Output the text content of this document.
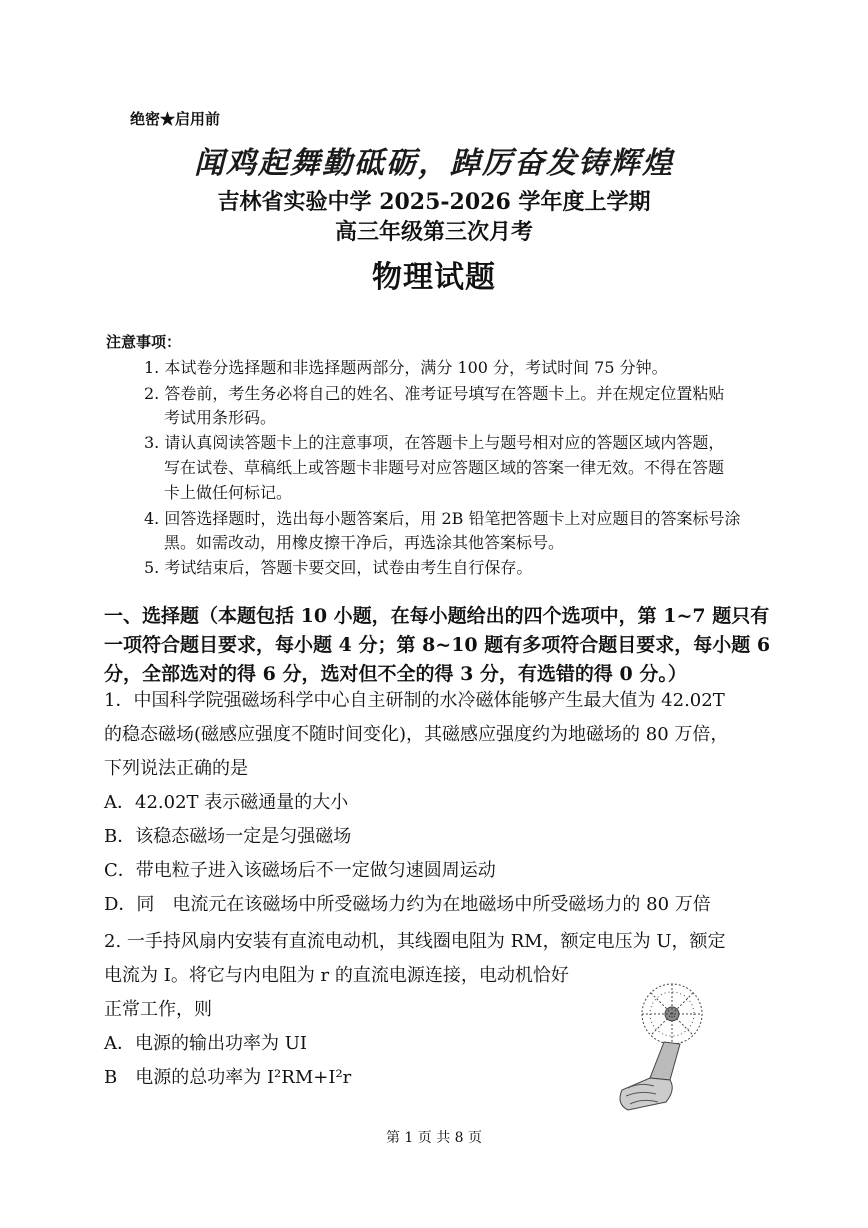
绝密★启用前
闻鸡起舞勤砥砺，踔厉奋发铸辉煌
吉林省实验中学 2025-2026 学年度上学期
高三年级第三次月考
物理试题
注意事项：
1. 本试卷分选择题和非选择题两部分，满分 100 分，考试时间 75 分钟。
2. 答卷前，考生务必将自己的姓名、准考证号填写在答题卡上。并在规定位置粘贴
考试用条形码。
3. 请认真阅读答题卡上的注意事项，在答题卡上与题号相对应的答题区域内答题，
写在试卷、草稿纸上或答题卡非题号对应答题区域的答案一律无效。不得在答题
卡上做任何标记。
4. 回答选择题时，选出每小题答案后，用 2B 铅笔把答题卡上对应题目的答案标号涂
黑。如需改动，用橡皮擦干净后，再选涂其他答案标号。
5. 考试结束后，答题卡要交回，试卷由考生自行保存。
一、选择题（本题包括 10 小题，在每小题给出的四个选项中，第 1~7 题只有一项符合题目要求，每小题 4 分；第 8~10 题有多项符合题目要求，每小题 6 分，全部选对的得 6 分，选对但不全的得 3 分，有选错的得 0 分。）
1．中国科学院强磁场科学中心自主研制的水冷磁体能够产生最大值为 42.02T
的稳态磁场(磁感应强度不随时间变化)，其磁感应强度约为地磁场的 80 万倍，
下列说法正确的是
A．42.02T 表示磁通量的大小
B．该稳态磁场一定是匀强磁场
C．带电粒子进入该磁场后不一定做匀速圆周运动
D．同　电流元在该磁场中所受磁场力约为在地磁场中所受磁场力的 80 万倍
2. 一手持风扇内安装有直流电动机，其线圈电阻为 RM，额定电压为 U，额定
电流为 I。将它与内电阻为 r 的直流电源连接，电动机恰好
正常工作，则
A．电源的输出功率为 UI
B　电源的总功率为 I²RM+I²r
第 1 页 共 8 页
